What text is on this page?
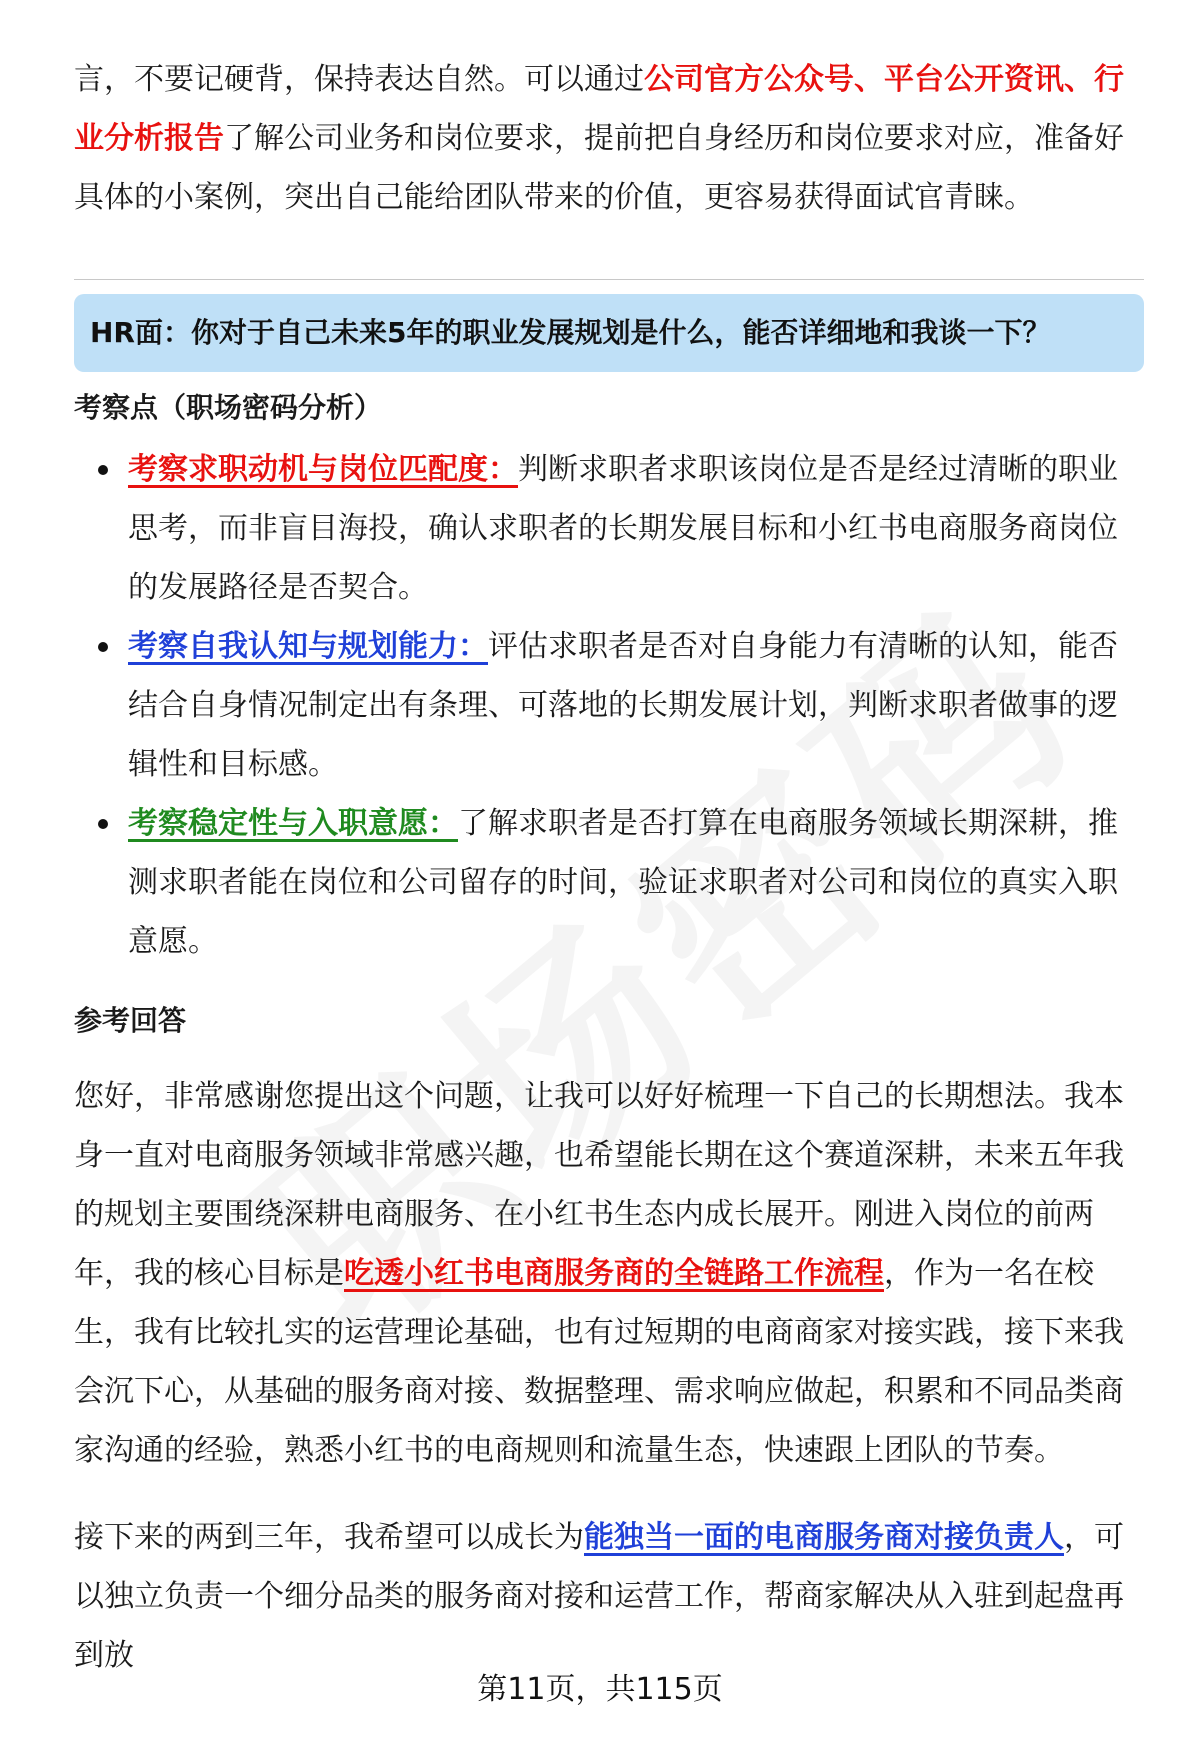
言，不要记硬背，保持表达自然。可以通过公司官方公众号、平台公开资讯、行业分析报告了解公司业务和岗位要求，提前把自身经历和岗位要求对应，准备好具体的小案例，突出自己能给团队带来的价值，更容易获得面试官青睐。

HR面：你对于自己未来5年的职业发展规划是什么，能否详细地和我谈一下？
考察点（职场密码分析）
考察求职动机与岗位匹配度：判断求职者求职该岗位是否是经过清晰的职业思考，而非盲目海投，确认求职者的长期发展目标和小红书电商服务商岗位的发展路径是否契合。
考察自我认知与规划能力：评估求职者是否对自身能力有清晰的认知，能否结合自身情况制定出有条理、可落地的长期发展计划，判断求职者做事的逻辑性和目标感。
考察稳定性与入职意愿：了解求职者是否打算在电商服务领域长期深耕，推测求职者能在岗位和公司留存的时间，验证求职者对公司和岗位的真实入职意愿。
参考回答

您好，非常感谢您提出这个问题，让我可以好好梳理一下自己的长期想法。我本身一直对电商服务领域非常感兴趣，也希望能长期在这个赛道深耕，未来五年我的规划主要围绕深耕电商服务、在小红书生态内成长展开。刚进入岗位的前两年，我的核心目标是吃透小红书电商服务商的全链路工作流程，作为一名在校生，我有比较扎实的运营理论基础，也有过短期的电商商家对接实践，接下来我会沉下心，从基础的服务商对接、数据整理、需求响应做起，积累和不同品类商家沟通的经验，熟悉小红书的电商规则和流量生态，快速跟上团队的节奏。

接下来的两到三年，我希望可以成长为能独当一面的电商服务商对接负责人，可以独立负责一个细分品类的服务商对接和运营工作，帮商家解决从入驻到起盘再到放

第11页，共115页
